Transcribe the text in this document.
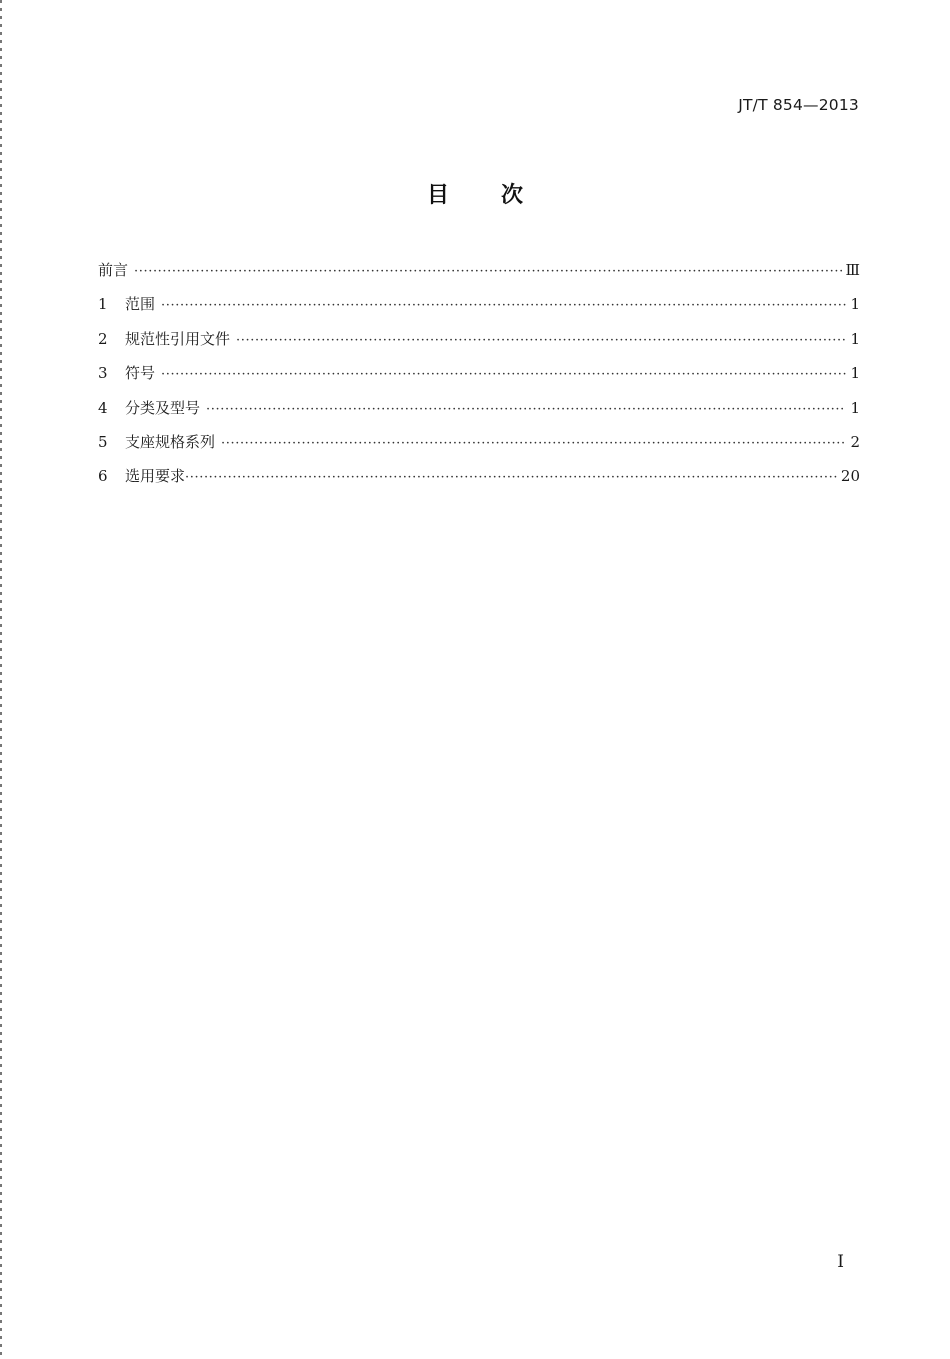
JT/T 854—2013
目 次
前言 ·····	Ⅲ
1	范围 ·····	1
2	规范性引用文件 ·····	1
3	符号 ·····	1
4	分类及型号 ·····	1
5	支座规格系列 ·····	2
6	选用要求 ·····	20
I
